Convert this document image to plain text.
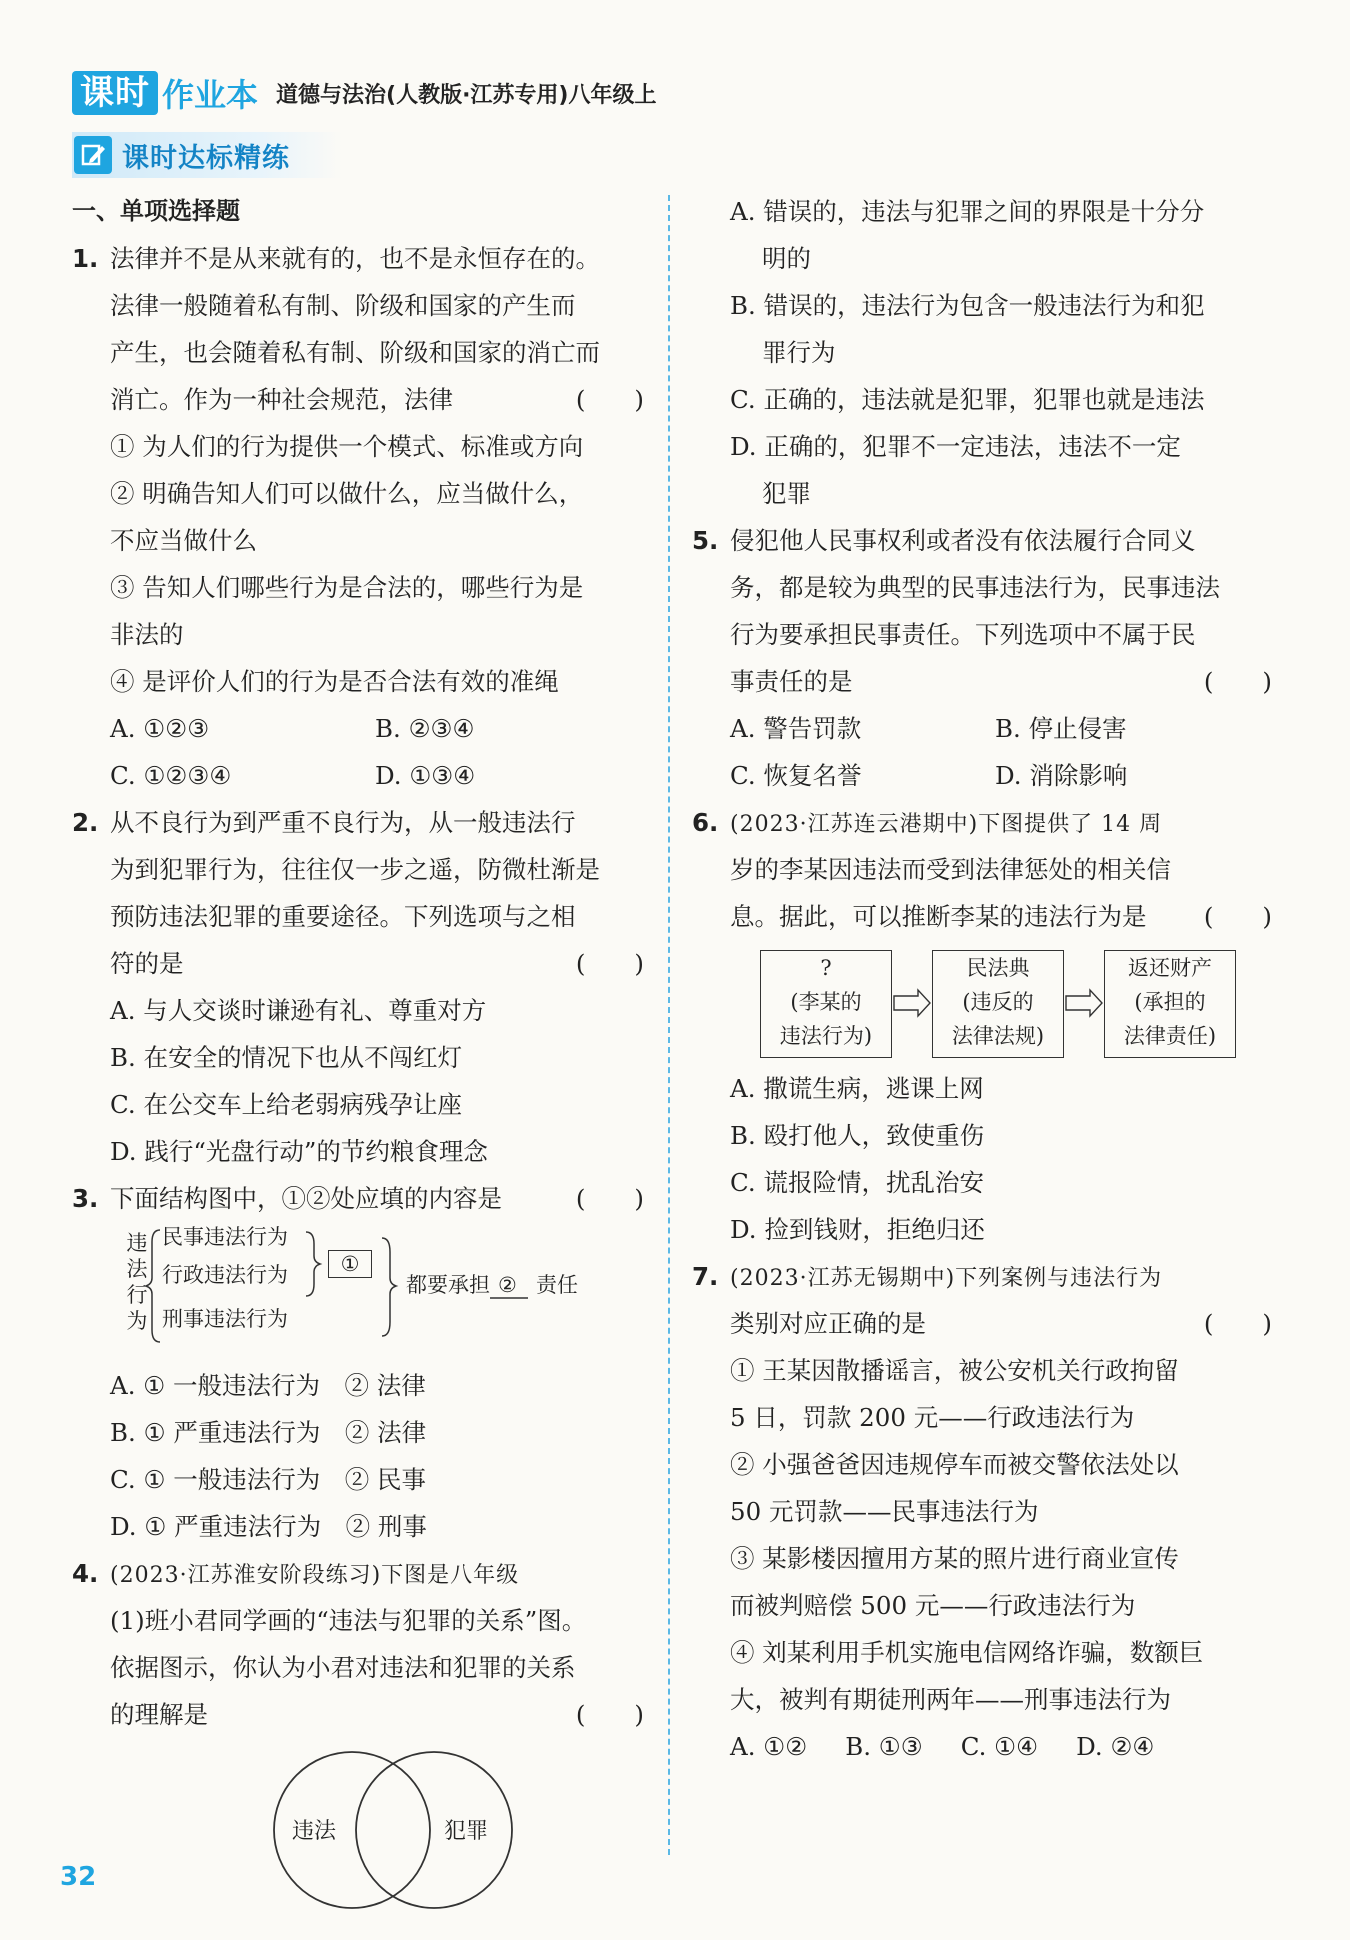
课时 作业本 道德与法治(人教版·江苏专用)八年级上
课时达标精练
一、单项选择题
1. 法律并不是从来就有的，也不是永恒存在的。
法律一般随着私有制、阶级和国家的产生而
产生，也会随着私有制、阶级和国家的消亡而
消亡。作为一种社会规范，法律	(　　)
① 为人们的行为提供一个模式、标准或方向
② 明确告知人们可以做什么，应当做什么，
不应当做什么
③ 告知人们哪些行为是合法的，哪些行为是
非法的
④ 是评价人们的行为是否合法有效的准绳
A. ①②③	B. ②③④
C. ①②③④	D. ①③④
2. 从不良行为到严重不良行为，从一般违法行
为到犯罪行为，往往仅一步之遥，防微杜渐是
预防违法犯罪的重要途径。下列选项与之相
符的是	(　　)
A. 与人交谈时谦逊有礼、尊重对方
B. 在安全的情况下也从不闯红灯
C. 在公交车上给老弱病残孕让座
D. 践行“光盘行动”的节约粮食理念
3. 下面结构图中，①②处应填的内容是	(　　)
违
法
行
为
民事违法行为
行政违法行为
刑事违法行为
①
都要承担 ② 责任
A. ① 一般违法行为　② 法律
B. ① 严重违法行为　② 法律
C. ① 一般违法行为　② 民事
D. ① 严重违法行为　② 刑事
4. (2023·江苏淮安阶段练习)下图是八年级
(1)班小君同学画的“违法与犯罪的关系”图。
依据图示，你认为小君对违法和犯罪的关系
的理解是	(　　)
违法	犯罪
A. 错误的，违法与犯罪之间的界限是十分分
明的
B. 错误的，违法行为包含一般违法行为和犯
罪行为
C. 正确的，违法就是犯罪，犯罪也就是违法
D. 正确的，犯罪不一定违法，违法不一定
犯罪
5. 侵犯他人民事权利或者没有依法履行合同义
务，都是较为典型的民事违法行为，民事违法
行为要承担民事责任。下列选项中不属于民
事责任的是	(　　)
A. 警告罚款	B. 停止侵害
C. 恢复名誉	D. 消除影响
6. (2023·江苏连云港期中)下图提供了 14 周
岁的李某因违法而受到法律惩处的相关信
息。据此，可以推断李某的违法行为是 (　　)
?
(李某的
违法行为)
民法典
(违反的
法律法规)
返还财产
(承担的
法律责任)
A. 撒谎生病，逃课上网
B. 殴打他人，致使重伤
C. 谎报险情，扰乱治安
D. 捡到钱财，拒绝归还
7. (2023·江苏无锡期中)下列案例与违法行为
类别对应正确的是	(　　)
① 王某因散播谣言，被公安机关行政拘留
5 日，罚款 200 元——行政违法行为
② 小强爸爸因违规停车而被交警依法处以
50 元罚款——民事违法行为
③ 某影楼因擅用方某的照片进行商业宣传
而被判赔偿 500 元——行政违法行为
④ 刘某利用手机实施电信网络诈骗，数额巨
大，被判有期徒刑两年——刑事违法行为
A. ①② B. ①③ C. ①④ D. ②④
32
